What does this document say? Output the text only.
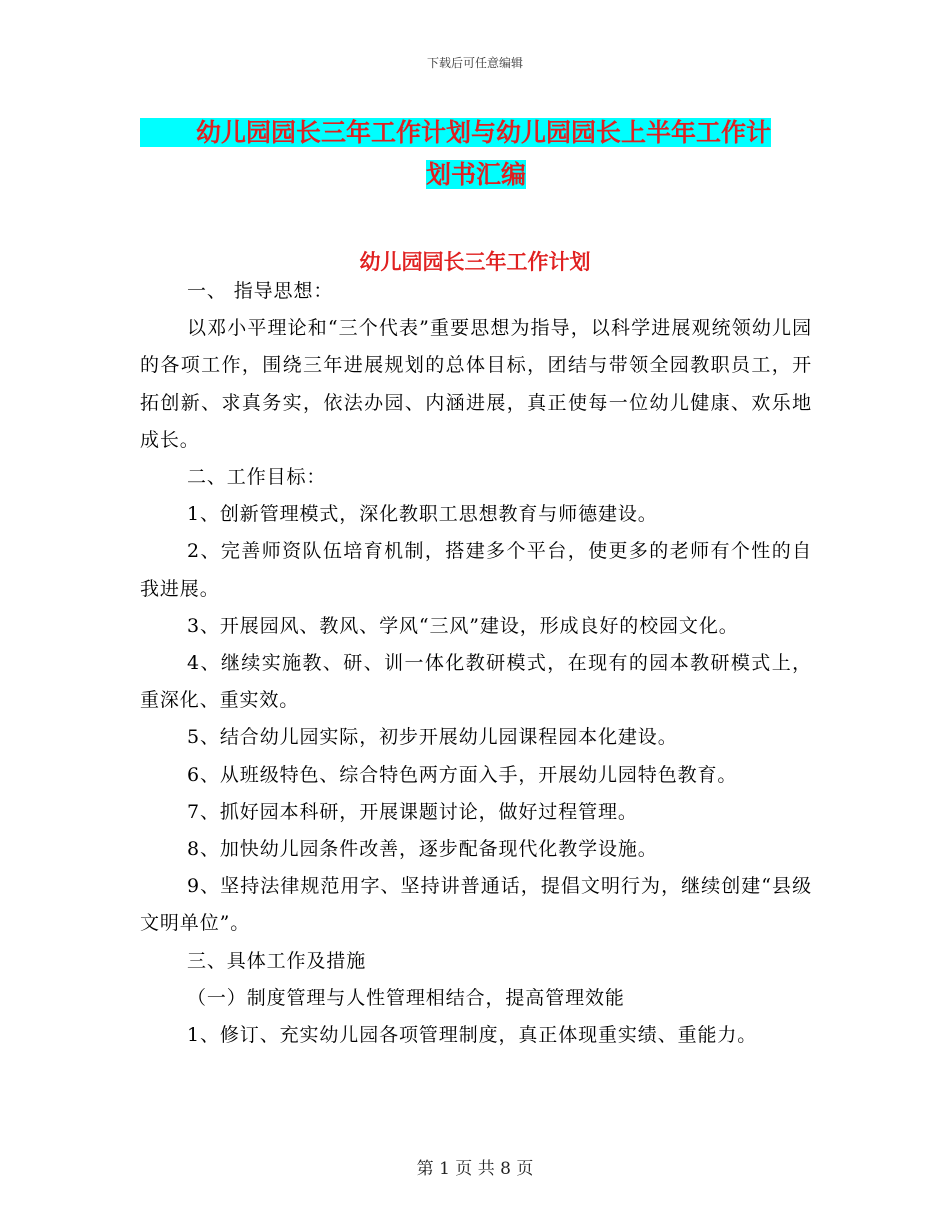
下载后可任意编辑
幼儿园园长三年工作计划与幼儿园园长上半年工作计
划书汇编
幼儿园园长三年工作计划

一、 指导思想：

以邓小平理论和“三个代表”重要思想为指导，以科学进展观统领幼儿园的各项工作，围绕三年进展规划的总体目标，团结与带领全园教职员工，开拓创新、求真务实，依法办园、内涵进展，真正使每一位幼儿健康、欢乐地成长。

二、工作目标：

1、创新管理模式，深化教职工思想教育与师德建设。

2、完善师资队伍培育机制，搭建多个平台，使更多的老师有个性的自我进展。

3、开展园风、教风、学风“三风”建设，形成良好的校园文化。

4、继续实施教、研、训一体化教研模式，在现有的园本教研模式上，重深化、重实效。

5、结合幼儿园实际，初步开展幼儿园课程园本化建设。

6、从班级特色、综合特色两方面入手，开展幼儿园特色教育。

7、抓好园本科研，开展课题讨论，做好过程管理。

8、加快幼儿园条件改善，逐步配备现代化教学设施。

9、坚持法律规范用字、坚持讲普通话，提倡文明行为，继续创建“县级文明单位”。

三、具体工作及措施

（一）制度管理与人性管理相结合，提高管理效能

1、修订、充实幼儿园各项管理制度，真正体现重实绩、重能力。

第 1 页 共 8 页
